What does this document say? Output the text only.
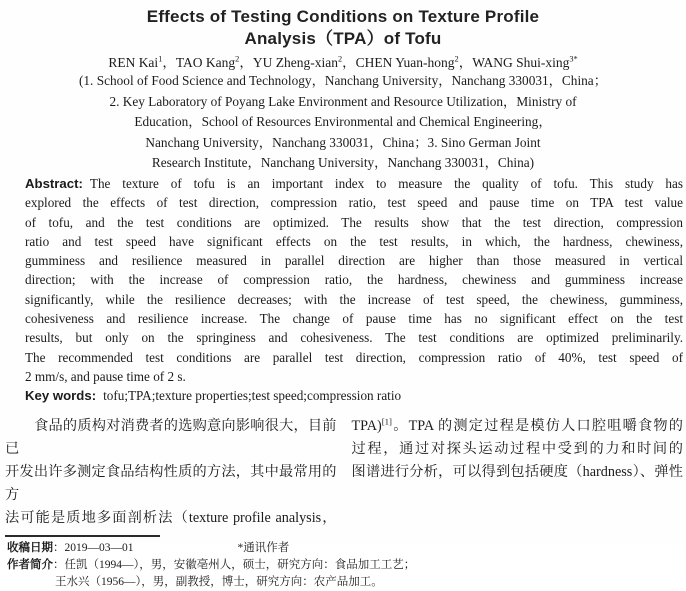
Effects of Testing Conditions on Texture Profile
Analysis（TPA）of Tofu
REN Kai$^1$，TAO Kang$^2$，YU Zheng-xian$^2$，CHEN Yuan-hong$^2$，WANG Shui-xing$^{3*}$
(1. School of Food Science and Technology，Nanchang University，Nanchang 330031，China；
2. Key Laboratory of Poyang Lake Environment and Resource Utilization，Ministry of
Education，School of Resources Environmental and Chemical Engineering，
Nanchang University，Nanchang 330031，China；3. Sino German Joint
Research Institute，Nanchang University，Nanchang 330031，China)
Abstract: The texture of tofu is an important index to measure the quality of tofu. This study has
explored the effects of test direction, compression ratio, test speed and pause time on TPA test value
of tofu, and the test conditions are optimized. The results show that the test direction, compression
ratio and test speed have significant effects on the test results, in which, the hardness, chewiness,
gumminess and resilience measured in parallel direction are higher than those measured in vertical
direction; with the increase of compression ratio, the hardness, chewiness and gumminess increase
significantly, while the resilience decreases; with the increase of test speed, the chewiness, gumminess,
cohesiveness and resilience increase. The change of pause time has no significant effect on the test
results, but only on the springiness and cohesiveness. The test conditions are optimized preliminarily.
The recommended test conditions are parallel test direction, compression ratio of 40%, test speed of
2 mm/s, and pause time of 2 s.
Key words: tofu;TPA;texture properties;test speed;compression ratio
食品的质构对消费者的选购意向影响很大，目前已
开发出许多测定食品结构性质的方法，其中最常用的方
法可能是质地多面剖析法（texture profile analysis，
TPA)[1]。TPA 的测定过程是模仿人口腔咀嚼食物的
过程，通过对探头运动过程中受到的力和时间的
图谱进行分析，可以得到包括硬度（hardness）、弹性
收稿日期：2019—03—01	*通讯作者
作者简介：任凯（1994—），男，安徽亳州人，硕士，研究方向：食品加工工艺；
王水兴（1956—），男，副教授，博士，研究方向：农产品加工。
